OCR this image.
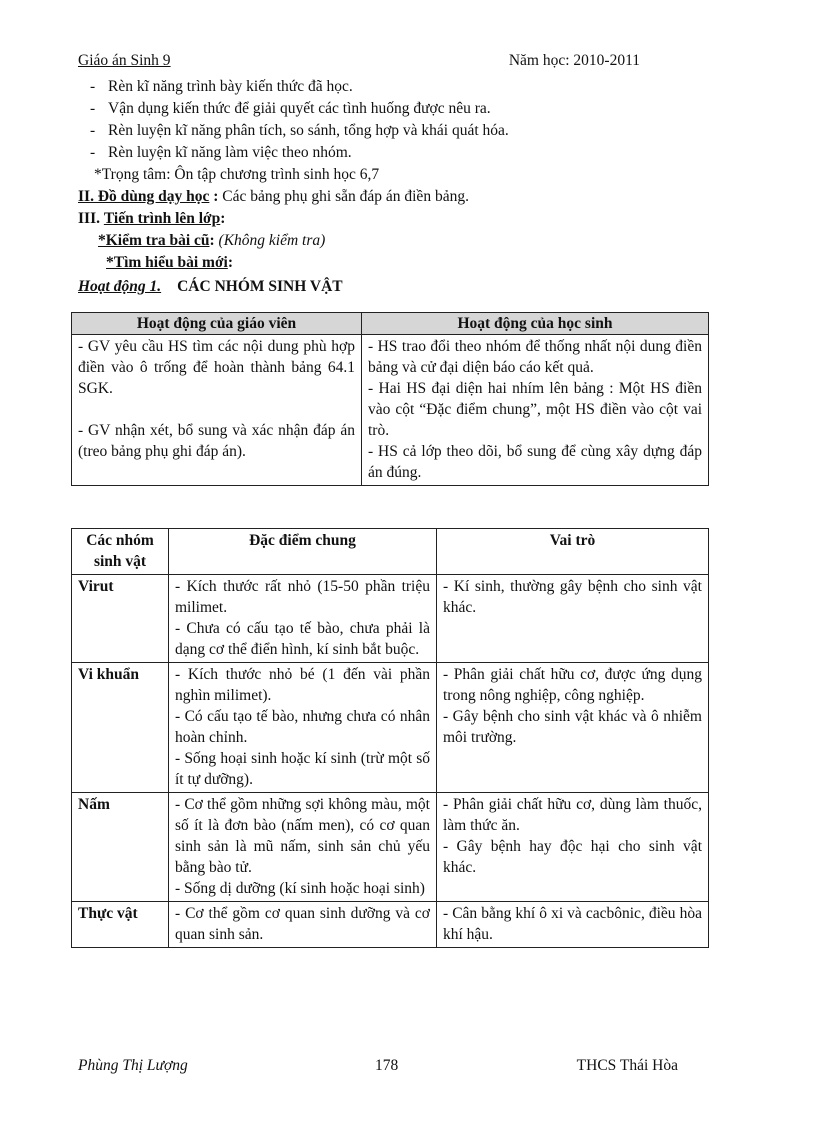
Giáo án Sinh 9	Năm học: 2010-2011
- Rèn kĩ năng trình bày kiến thức đã học.
- Vận dụng kiến thức để giải quyết các tình huống được nêu ra.
- Rèn luyện kĩ năng phân tích, so sánh, tổng hợp và khái quát hóa.
- Rèn luyện kĩ năng làm việc theo nhóm.
*Trọng tâm: Ôn tập chương trình sinh học 6,7
II. Đồ dùng dạy học : Các bảng phụ ghi sẵn đáp án điền bảng.
III. Tiến trình lên lớp:
*Kiểm tra bài cũ: (Không kiểm tra)
*Tìm hiểu bài mới:
Hoạt động 1. CÁC NHÓM SINH VẬT
Hoạt động của giáo viên	Hoạt động của học sinh

- GV yêu cầu HS tìm các nội dung phù hợp điền vào ô trống để hoàn thành bảng 64.1 SGK.
- GV nhận xét, bổ sung và xác nhận đáp án (treo bảng phụ ghi đáp án).	- HS trao đổi theo nhóm để thống nhất nội dung điền bảng và cử đại diện báo cáo kết quả.
- Hai HS đại diện hai nhím lên bảng : Một HS điền vào cột “Đặc điểm chung”, một HS điền vào cột vai trò.
- HS cả lớp theo dõi, bổ sung để cùng xây dựng đáp án đúng.
Các nhóm sinh vật	Đặc điểm chung	Vai trò
Virut	- Kích thước rất nhỏ (15-50 phần triệu milimet.
- Chưa có cấu tạo tế bào, chưa phải là dạng cơ thể điển hình, kí sinh bắt buộc.	- Kí sinh, thường gây bệnh cho sinh vật khác.

Vi khuẩn	- Kích thước nhỏ bé (1 đến vài phần nghìn milimet).
- Có cấu tạo tế bào, nhưng chưa có nhân hoàn chỉnh.
- Sống hoại sinh hoặc kí sinh (trừ một số ít tự dưỡng).	- Phân giải chất hữu cơ, được ứng dụng trong nông nghiệp, công nghiệp.
- Gây bệnh cho sinh vật khác và ô nhiễm môi trường.

Nấm	- Cơ thể gồm những sợi không màu, một số ít là đơn bào (nấm men), có cơ quan sinh sản là mũ nấm, sinh sản chủ yếu bằng bào tử.
- Sống dị dưỡng (kí sinh hoặc hoại sinh)	- Phân giải chất hữu cơ, dùng làm thuốc, làm thức ăn.
- Gây bệnh hay độc hại cho sinh vật khác.

Thực vật	- Cơ thể gồm cơ quan sinh dưỡng và cơ quan sinh sản.	- Cân bằng khí ô xi và cacbônic, điều hòa khí hậu.
Phùng Thị Lượng	178	THCS Thái Hòa
